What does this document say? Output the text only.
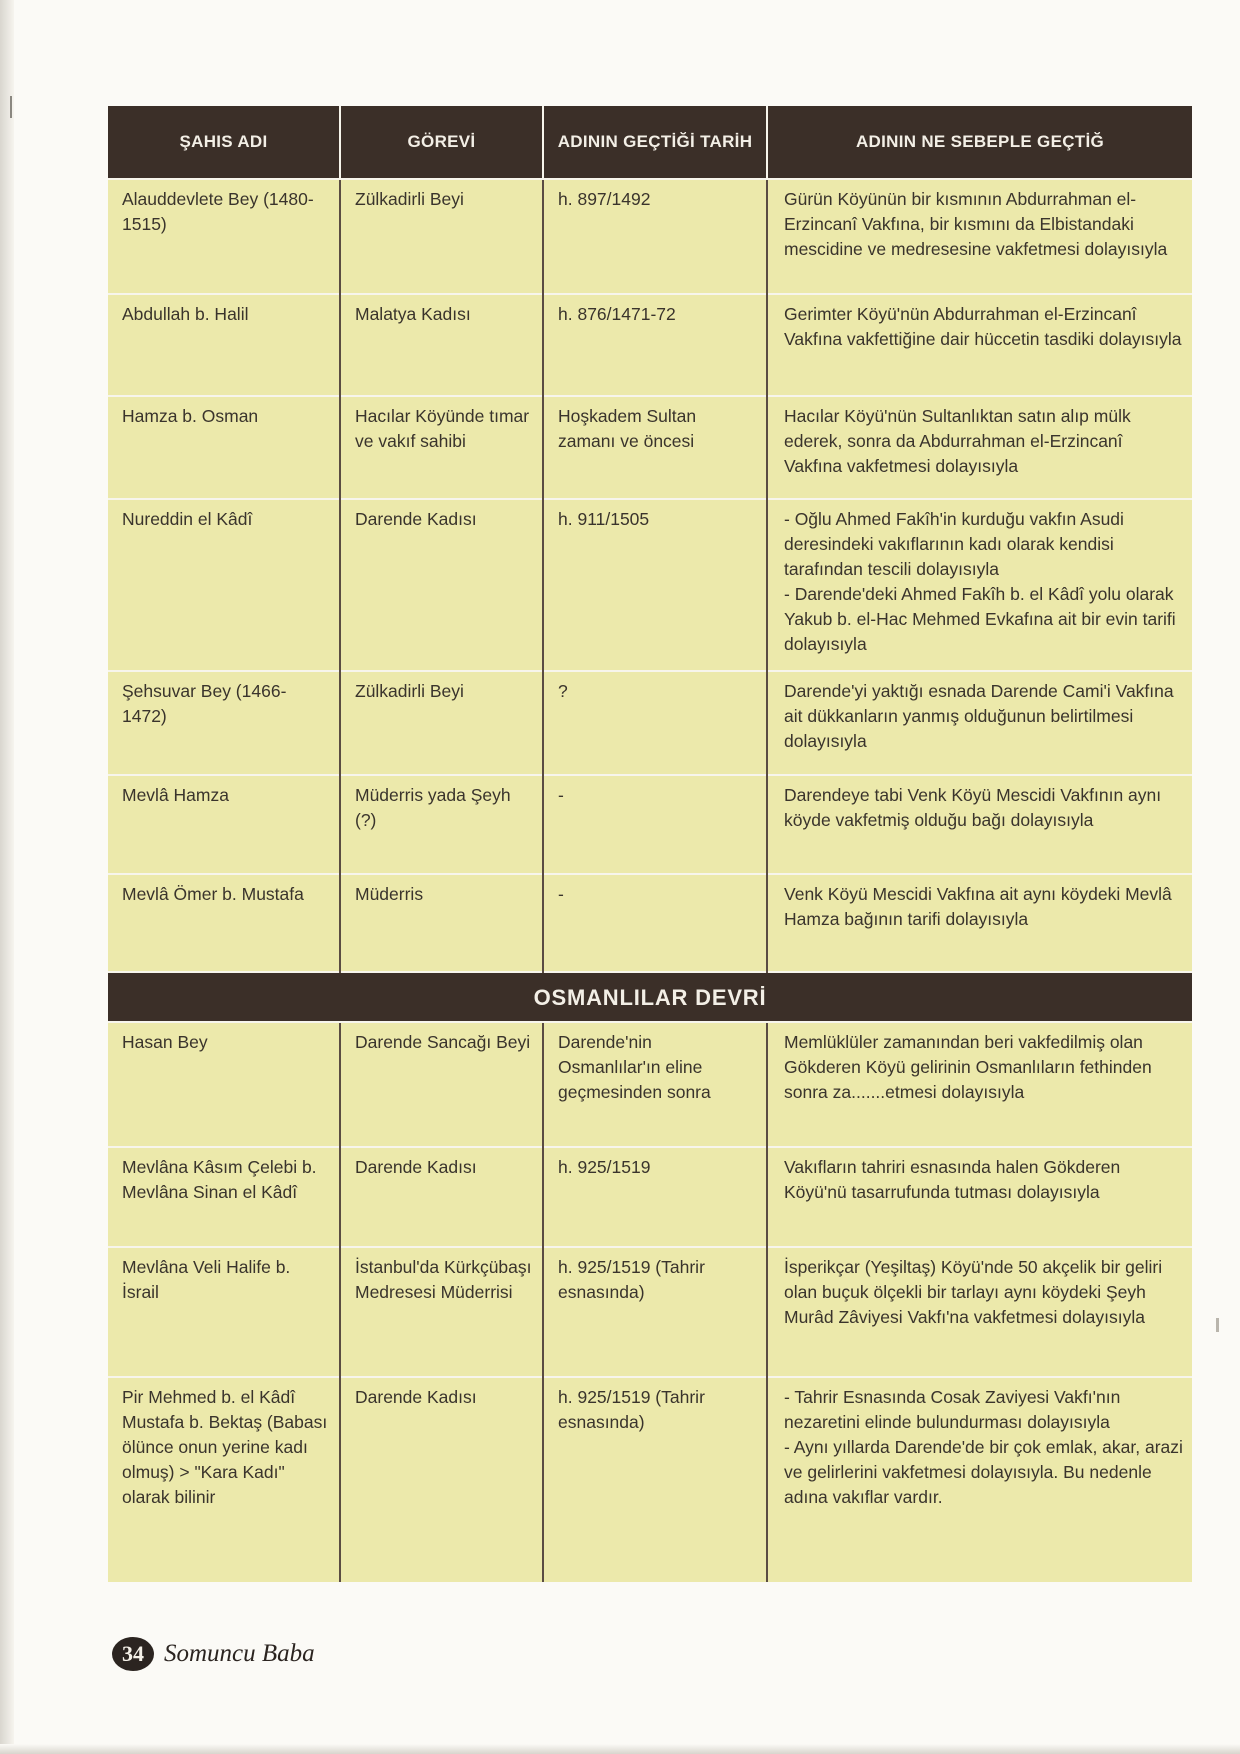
ŞAHIS ADI	GÖREVİ	ADININ GEÇTİĞİ TARİH	ADININ NE SEBEPLE GEÇTİĞ
Alauddevlete Bey (1480-1515)	Zülkadirli Beyi	h. 897/1492	Gürün Köyünün bir kısmının Abdurrahman el-Erzincanî Vakfına, bir kısmını da Elbistandaki mescidine ve medresesine vakfetmesi dolayısıyla
Abdullah b. Halil	Malatya Kadısı	h. 876/1471-72	Gerimter Köyü'nün Abdurrahman el-Erzincanî Vakfına vakfettiğine dair hüccetin tasdiki dolayısıyla
Hamza b. Osman	Hacılar Köyünde tımar ve vakıf sahibi	Hoşkadem Sultan zamanı ve öncesi	Hacılar Köyü'nün Sultanlıktan satın alıp mülk ederek, sonra da Abdurrahman el-Erzincanî Vakfına vakfetmesi dolayısıyla
Nureddin el Kâdî	Darende Kadısı	h. 911/1505	- Oğlu Ahmed Fakîh'in kurduğu vakfın Asudi deresindeki vakıflarının kadı olarak kendisi tarafından tescili dolayısıyla
- Darende'deki Ahmed Fakîh b. el Kâdî yolu olarak Yakub b. el-Hac Mehmed Evkafına ait bir evin tarifi dolayısıyla
Şehsuvar Bey (1466-1472)	Zülkadirli Beyi	?	Darende'yi yaktığı esnada Darende Cami'i Vakfına ait dükkanların yanmış olduğunun belirtilmesi dolayısıyla
Mevlâ Hamza	Müderris yada Şeyh (?)	-	Darendeye tabi Venk Köyü Mescidi Vakfının aynı köyde vakfetmiş olduğu bağı dolayısıyla
Mevlâ Ömer b. Mustafa	Müderris	-	Venk Köyü Mescidi Vakfına ait aynı köydeki Mevlâ Hamza bağının tarifi dolayısıyla
OSMANLILAR DEVRİ			
Hasan Bey	Darende Sancağı Beyi	Darende'nin Osmanlılar'ın eline geçmesinden sonra	Memlüklüler zamanından beri vakfedilmiş olan Gökderen Köyü gelirinin Osmanlıların fethinden sonra za.......etmesi dolayısıyla
Mevlâna Kâsım Çelebi b. Mevlâna Sinan el Kâdî	Darende Kadısı	h. 925/1519	Vakıfların tahriri esnasında halen Gökderen Köyü'nü tasarrufunda tutması dolayısıyla
Mevlâna Veli Halife b. İsrail	İstanbul'da Kürkçübaşı Medresesi Müderrisi	h. 925/1519 (Tahrir esnasında)	İsperikçar (Yeşiltaş) Köyü'nde 50 akçelik bir geliri olan buçuk ölçekli bir tarlayı aynı köydeki Şeyh Murâd Zâviyesi Vakfı'na vakfetmesi dolayısıyla
Pir Mehmed b. el Kâdî Mustafa b. Bektaş (Babası ölünce onun yerine kadı olmuş) > "Kara Kadı" olarak bilinir	Darende Kadısı	h. 925/1519 (Tahrir esnasında)	- Tahrir Esnasında Cosak Zaviyesi Vakfı'nın nezaretini elinde bulundurması dolayısıyla
- Aynı yıllarda Darende'de bir çok emlak, akar, arazi ve gelirlerini vakfetmesi dolayısıyla. Bu nedenle adına vakıflar vardır.
34 Somuncu Baba
